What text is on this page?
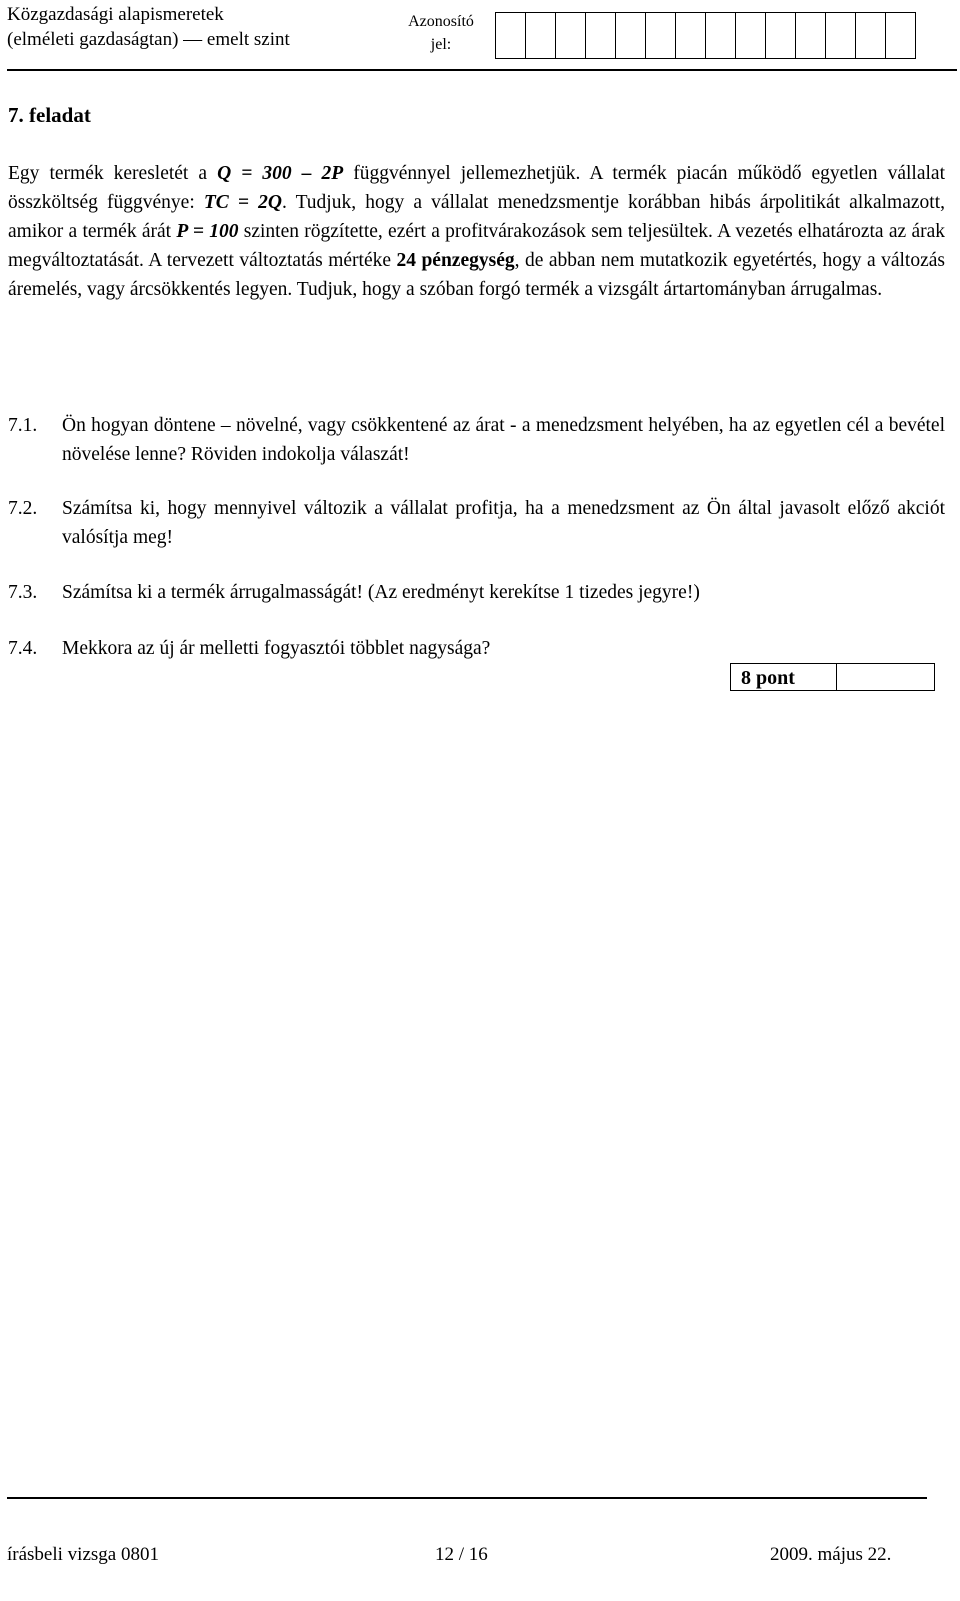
Közgazdasági alapismeretek
(elméleti gazdaságtan) — emelt szint
Azonosító
jel:
7. feladat
Egy termék keresletét a Q = 300 – 2P függvénnyel jellemezhetjük. A termék piacán működő egyetlen vállalat összköltség függvénye: TC = 2Q. Tudjuk, hogy a vállalat menedzsmentje korábban hibás árpolitikát alkalmazott, amikor a termék árát P = 100 szinten rögzítette, ezért a profitvárakozások sem teljesültek. A vezetés elhatározta az árak megváltoztatását. A tervezett változtatás mértéke 24 pénzegység, de abban nem mutatkozik egyetértés, hogy a változás áremelés, vagy árcsökkentés legyen. Tudjuk, hogy a szóban forgó termék a vizsgált ártartományban árrugalmas.
7.1.	Ön hogyan döntene – növelné, vagy csökkentené az árat - a menedzsment helyében, ha az egyetlen cél a bevétel növelése lenne? Röviden indokolja válaszát!
7.2.	Számítsa ki, hogy mennyivel változik a vállalat profitja, ha a menedzsment az Ön által javasolt előző akciót valósítja meg!
7.3.	Számítsa ki a termék árrugalmasságát! (Az eredményt kerekítse 1 tizedes jegyre!)
7.4.	Mekkora az új ár melletti fogyasztói többlet nagysága?
8 pont
írásbeli vizsga 0801	12 / 16	2009. május 22.
